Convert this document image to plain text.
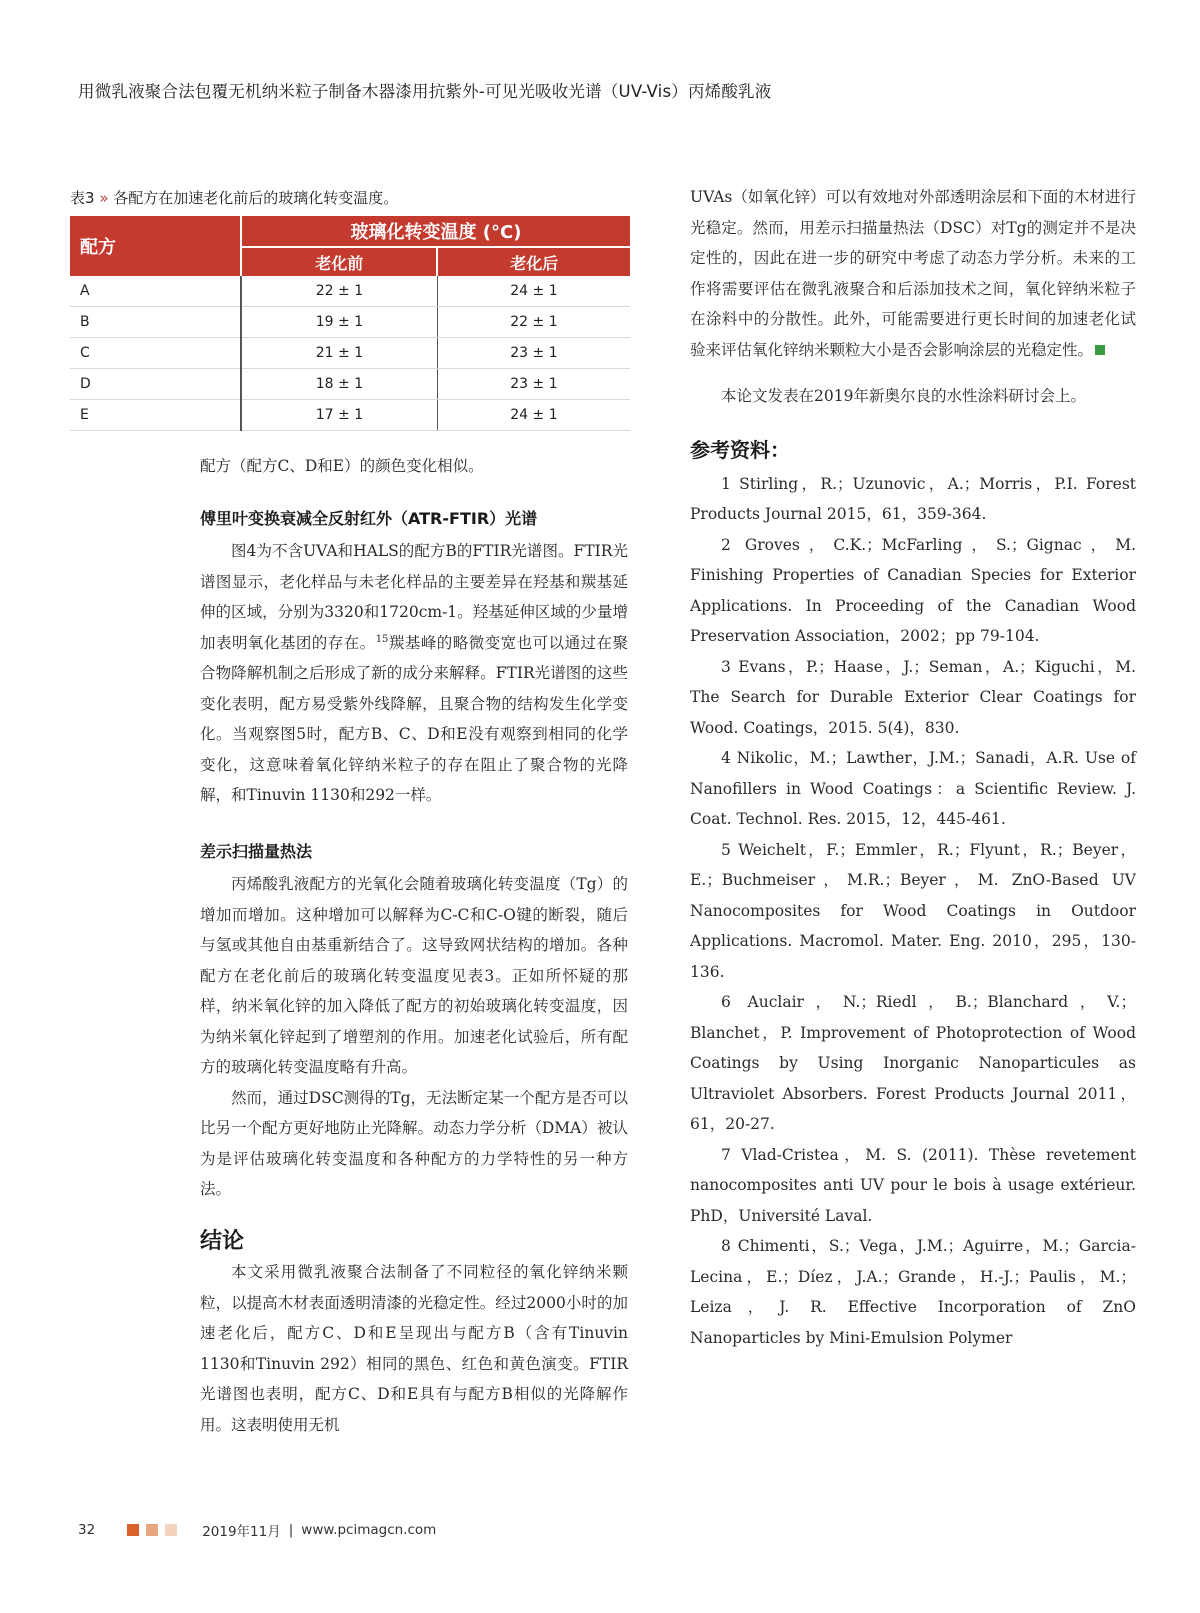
用微乳液聚合法包覆无机纳米粒子制备木器漆用抗紫外-可见光吸收光谱（UV-Vis）丙烯酸乳液
表3 » 各配方在加速老化前后的玻璃化转变温度。
配方	玻璃化转变温度 (°C)	
	老化前	老化后
A	22 ± 1	24 ± 1
B	19 ± 1	22 ± 1
C	21 ± 1	23 ± 1
D	18 ± 1	23 ± 1
E	17 ± 1	24 ± 1

配方（配方C、D和E）的颜色变化相似。

傅里叶变换衰减全反射红外（ATR-FTIR）光谱

图4为不含UVA和HALS的配方B的FTIR光谱图。FTIR光谱图显示，老化样品与未老化样品的主要差异在羟基和羰基延伸的区域，分别为3320和1720cm-1。羟基延伸区域的少量增加表明氧化基团的存在。$^{15}$羰基峰的略微变宽也可以通过在聚合物降解机制之后形成了新的成分来解释。FTIR光谱图的这些变化表明，配方易受紫外线降解，且聚合物的结构发生化学变化。当观察图5时，配方B、C、D和E没有观察到相同的化学变化，这意味着氧化锌纳米粒子的存在阻止了聚合物的光降解，和Tinuvin 1130和292一样。

差示扫描量热法

丙烯酸乳液配方的光氧化会随着玻璃化转变温度（Tg）的增加而增加。这种增加可以解释为C-C和C-O键的断裂，随后与氢或其他自由基重新结合了。这导致网状结构的增加。各种配方在老化前后的玻璃化转变温度见表3。正如所怀疑的那样，纳米氧化锌的加入降低了配方的初始玻璃化转变温度，因为纳米氧化锌起到了增塑剂的作用。加速老化试验后，所有配方的玻璃化转变温度略有升高。

然而，通过DSC测得的Tg，无法断定某一个配方是否可以比另一个配方更好地防止光降解。动态力学分析（DMA）被认为是评估玻璃化转变温度和各种配方的力学特性的另一种方法。

结论

本文采用微乳液聚合法制备了不同粒径的氧化锌纳米颗粒，以提高木材表面透明清漆的光稳定性。经过2000小时的加速老化后，配方C、D和E呈现出与配方B（含有Tinuvin 1130和Tinuvin 292）相同的黑色、红色和黄色演变。FTIR光谱图也表明，配方C、D和E具有与配方B相似的光降解作用。这表明使用无机

UVAs（如氧化锌）可以有效地对外部透明涂层和下面的木材进行光稳定。然而，用差示扫描量热法（DSC）对Tg的测定并不是决定性的，因此在进一步的研究中考虑了动态力学分析。未来的工作将需要评估在微乳液聚合和后添加技术之间，氧化锌纳米粒子在涂料中的分散性。此外，可能需要进行更长时间的加速老化试验来评估氧化锌纳米颗粒大小是否会影响涂层的光稳定性。

本论文发表在2019年新奥尔良的水性涂料研讨会上。

参考资料：

1 Stirling，R.；Uzunovic，A.；Morris，P.I. Forest Products Journal 2015，61，359-364.

2 Groves，C.K.；McFarling，S.；Gignac，M. Finishing Properties of Canadian Species for Exterior Applications. In Proceeding of the Canadian Wood Preservation Association，2002；pp 79-104.

3 Evans，P.；Haase，J.；Seman，A.；Kiguchi，M. The Search for Durable Exterior Clear Coatings for Wood. Coatings，2015. 5(4)，830.

4 Nikolic，M.；Lawther，J.M.；Sanadi，A.R. Use of Nanofillers in Wood Coatings：a Scientific Review. J. Coat. Technol. Res. 2015，12，445-461.

5 Weichelt，F.；Emmler，R.；Flyunt，R.；Beyer，E.；Buchmeiser，M.R.；Beyer，M. ZnO-Based UV Nanocomposites for Wood Coatings in Outdoor Applications. Macromol. Mater. Eng. 2010，295，130-136.

6 Auclair，N.；Riedl，B.；Blanchard，V.；Blanchet，P. Improvement of Photoprotection of Wood Coatings by Using Inorganic Nanoparticules as Ultraviolet Absorbers. Forest Products Journal 2011，61，20-27.

7 Vlad-Cristea，M. S. (2011). Thèse revetement nanocomposites anti UV pour le bois à usage extérieur. PhD，Université Laval.

8 Chimenti，S.；Vega，J.M.；Aguirre，M.；Garcia-Lecina，E.；Díez，J.A.；Grande，H.-J.；Paulis，M.；Leiza，J. R. Effective Incorporation of ZnO Nanoparticles by Mini-Emulsion Polymer

32	2019年11月 | www.pcimagcn.com
